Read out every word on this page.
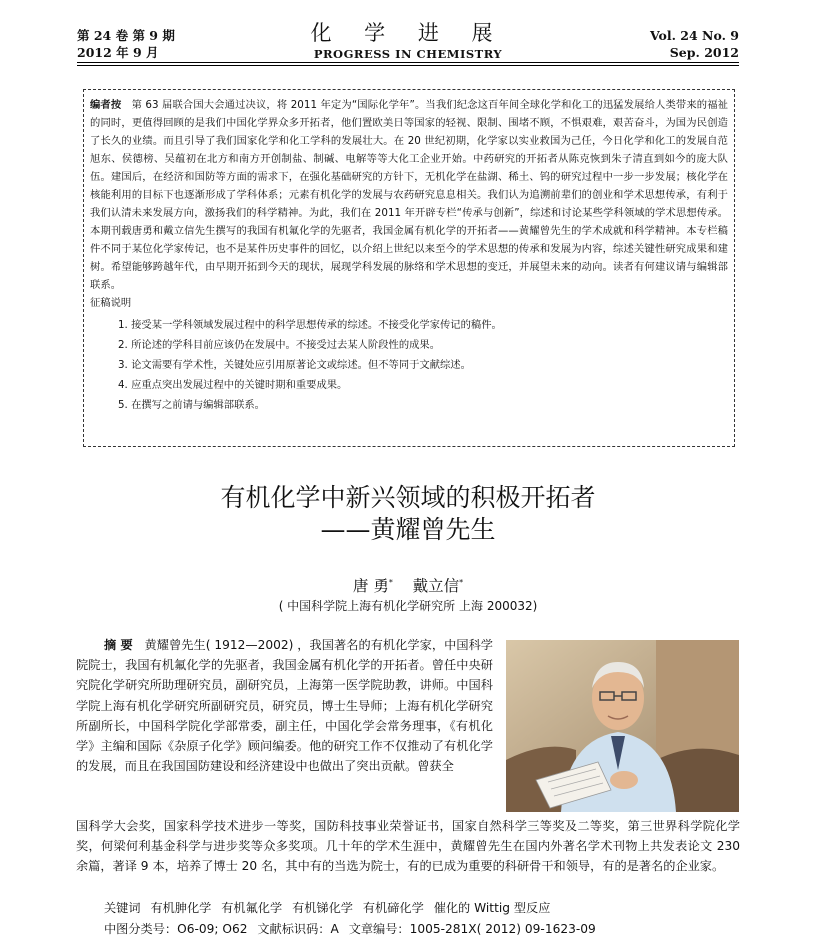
第 24 卷 第 9 期
2012 年 9 月
化 学 进 展
PROGRESS IN CHEMISTRY
Vol. 24 No. 9
Sep. 2012
编者按 第 63 届联合国大会通过决议，将 2011 年定为“国际化学年”。当我们纪念这百年间全球化学和化工的迅猛发展给人类带来的福祉的同时，更值得回顾的是我们中国化学界众多开拓者，他们置欧美日等国家的轻视、限制、围堵不顾，不惧艰难，艰苦奋斗，为国为民创造了长久的业绩。而且引导了我们国家化学和化工学科的发展壮大。在 20 世纪初期，化学家以实业救国为己任，今日化学和化工的发展自范旭东、侯德榜、吴蕴初在北方和南方开创制盐、制碱、电解等等大化工企业开始。中药研究的开拓者从陈克恢到朱子清直到如今的庞大队伍。建国后，在经济和国防等方面的需求下，在强化基础研究的方针下，无机化学在盐湖、稀土、钨的研究过程中一步一步发展；核化学在核能利用的目标下也逐渐形成了学科体系；元素有机化学的发展与农药研究息息相关。我们认为追溯前辈们的创业和学术思想传承，有利于我们认清未来发展方向，激扬我们的科学精神。为此，我们在 2011 年开辟专栏“传承与创新”，综述和讨论某些学科领域的学术思想传承。本期刊载唐勇和戴立信先生撰写的我国有机氟化学的先驱者，我国金属有机化学的开拓者——黄耀曾先生的学术成就和科学精神。本专栏稿件不同于某位化学家传记，也不是某件历史事件的回忆，以介绍上世纪以来至今的学术思想的传承和发展为内容，综述关键性研究成果和建树。希望能够跨越年代，由早期开拓到今天的现状，展现学科发展的脉络和学术思想的变迁，并展望未来的动向。读者有何建议请与编辑部联系。
征稿说明
1. 接受某一学科领域发展过程中的科学思想传承的综述。不接受化学家传记的稿件。
2. 所论述的学科目前应该仍在发展中。不接受过去某人阶段性的成果。
3. 论文需要有学术性，关键处应引用原著论文或综述。但不等同于文献综述。
4. 应重点突出发展过程中的关键时期和重要成果。
5. 在撰写之前请与编辑部联系。
有机化学中新兴领域的积极开拓者
——黄耀曾先生
唐 勇* 戴立信*
( 中国科学院上海有机化学研究所 上海 200032)
摘 要 黄耀曾先生( 1912—2002) ，我国著名的有机化学家，中国科学院院士，我国有机氟化学的先驱者，我国金属有机化学的开拓者。曾任中央研究院化学研究所助理研究员，副研究员，上海第一医学院助教，讲师。中国科学院上海有机化学研究所副研究员，研究员，博士生导师；上海有机化学研究所副所长，中国科学院化学部常委，副主任，中国化学会常务理事，《有机化学》主编和国际《杂原子化学》顾问编委。他的研究工作不仅推动了有机化学的发展，而且在我国国防建设和经济建设中也做出了突出贡献。曾获全
国科学大会奖，国家科学技术进步一等奖，国防科技事业荣誉证书，国家自然科学三等奖及二等奖，第三世界科学院化学奖，何梁何利基金科学与进步奖等众多奖项。几十年的学术生涯中，黄耀曾先生在国内外著名学术刊物上共发表论文 230 余篇，著译 9 本，培养了博士 20 名，其中有的当选为院士，有的已成为重要的科研骨干和领导，有的是著名的企业家。
关键词 有机胂化学 有机氟化学 有机锑化学 有机碲化学 催化的 Wittig 型反应
中图分类号：O6-09; O62 文献标识码：A 文章编号：1005-281X( 2012) 09-1623-09
